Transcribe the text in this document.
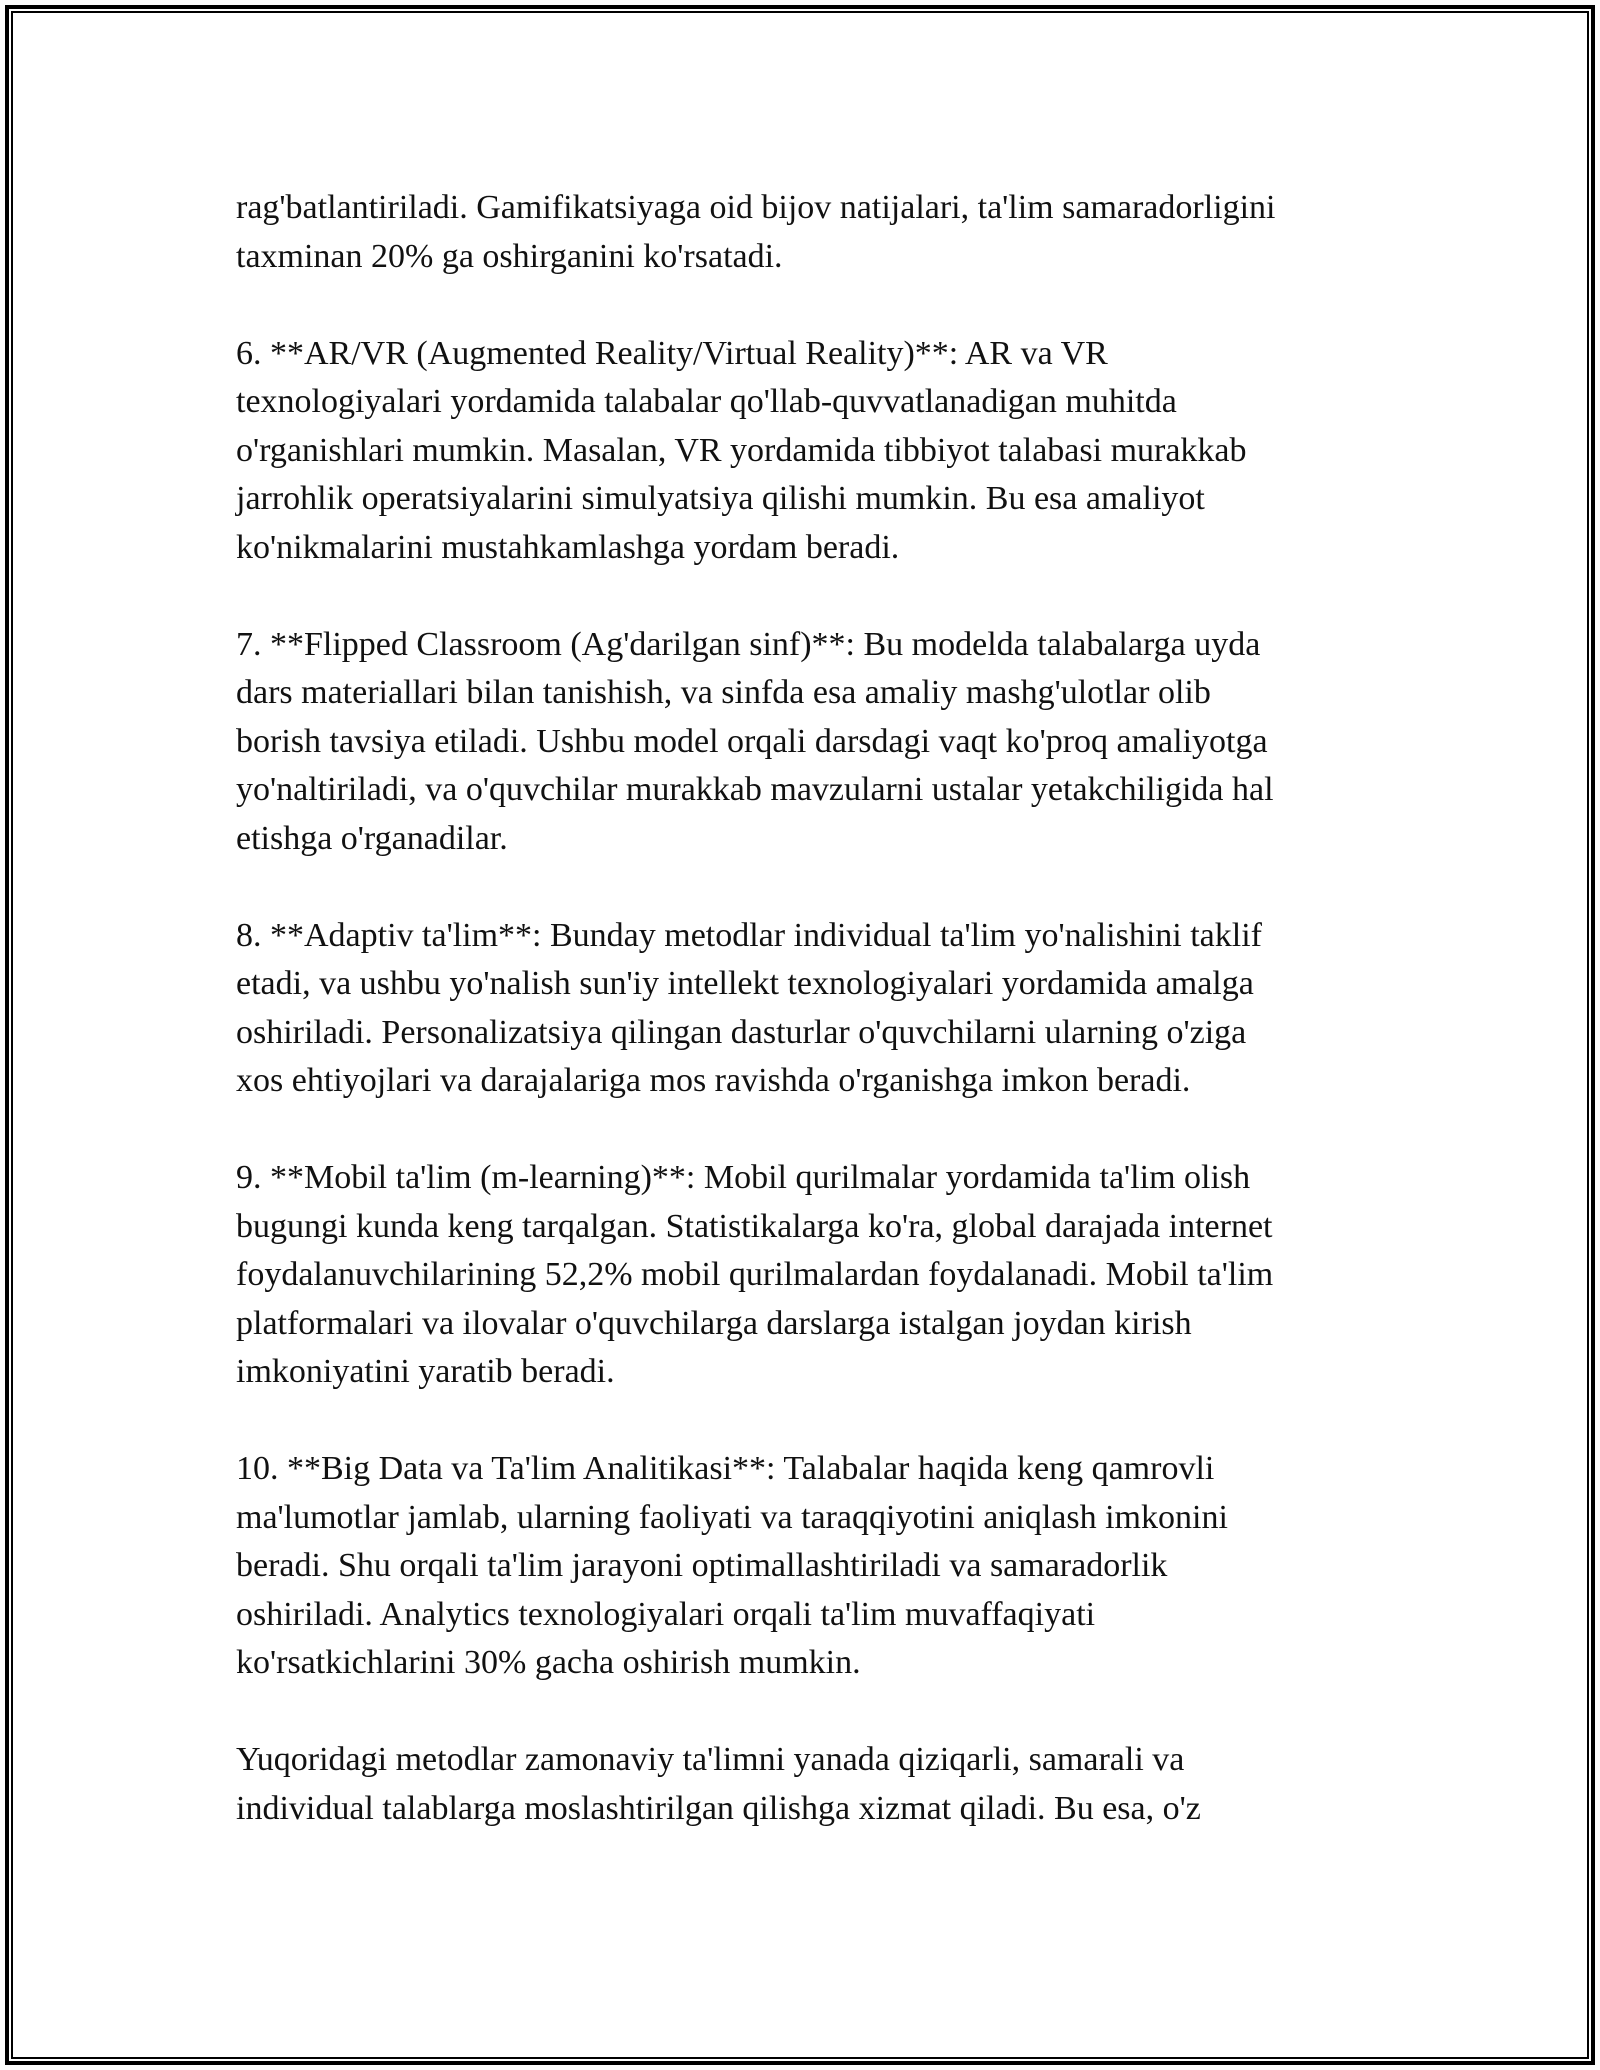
rag'batlantiriladi. Gamifikatsiyaga oid bijov natijalari, ta'lim samaradorligini
taxminan 20% ga oshirganini ko'rsatadi.

6. **AR/VR (Augmented Reality/Virtual Reality)**: AR va VR
texnologiyalari yordamida talabalar qo'llab-quvvatlanadigan muhitda
o'rganishlari mumkin. Masalan, VR yordamida tibbiyot talabasi murakkab
jarrohlik operatsiyalarini simulyatsiya qilishi mumkin. Bu esa amaliyot
ko'nikmalarini mustahkamlashga yordam beradi.

7. **Flipped Classroom (Ag'darilgan sinf)**: Bu modelda talabalarga uyda
dars materiallari bilan tanishish, va sinfda esa amaliy mashg'ulotlar olib
borish tavsiya etiladi. Ushbu model orqali darsdagi vaqt ko'proq amaliyotga
yo'naltiriladi, va o'quvchilar murakkab mavzularni ustalar yetakchiligida hal
etishga o'rganadilar.

8. **Adaptiv ta'lim**: Bunday metodlar individual ta'lim yo'nalishini taklif
etadi, va ushbu yo'nalish sun'iy intellekt texnologiyalari yordamida amalga
oshiriladi. Personalizatsiya qilingan dasturlar o'quvchilarni ularning o'ziga
xos ehtiyojlari va darajalariga mos ravishda o'rganishga imkon beradi.

9. **Mobil ta'lim (m-learning)**: Mobil qurilmalar yordamida ta'lim olish
bugungi kunda keng tarqalgan. Statistikalarga ko'ra, global darajada internet
foydalanuvchilarining 52,2% mobil qurilmalardan foydalanadi. Mobil ta'lim
platformalari va ilovalar o'quvchilarga darslarga istalgan joydan kirish
imkoniyatini yaratib beradi.

10. **Big Data va Ta'lim Analitikasi**: Talabalar haqida keng qamrovli
ma'lumotlar jamlab, ularning faoliyati va taraqqiyotini aniqlash imkonini
beradi. Shu orqali ta'lim jarayoni optimallashtiriladi va samaradorlik
oshiriladi. Analytics texnologiyalari orqali ta'lim muvaffaqiyati
ko'rsatkichlarini 30% gacha oshirish mumkin.

Yuqoridagi metodlar zamonaviy ta'limni yanada qiziqarli, samarali va
individual talablarga moslashtirilgan qilishga xizmat qiladi. Bu esa, o'z
